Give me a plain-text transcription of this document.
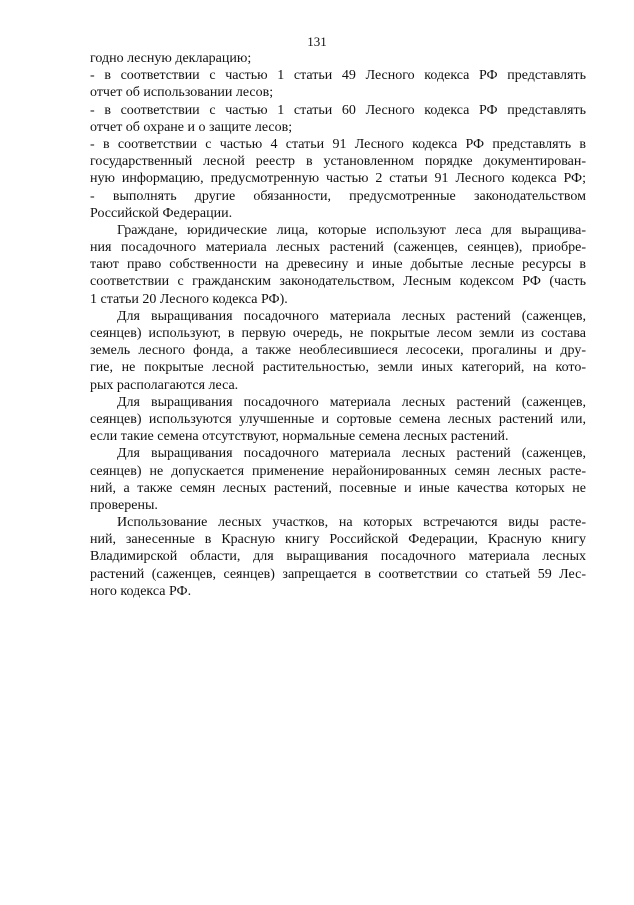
131
годно лесную декларацию;
- в соответствии с частью 1 статьи 49 Лесного кодекса РФ представлять
отчет об использовании лесов;
- в соответствии с частью 1 статьи 60 Лесного кодекса РФ представлять
отчет об охране и о защите лесов;
- в соответствии с частью 4 статьи 91 Лесного кодекса РФ представлять в
государственный лесной реестр в установленном порядке документирован-
ную информацию, предусмотренную частью 2 статьи 91 Лесного кодекса РФ;
- выполнять другие обязанности, предусмотренные законодательством
Российской Федерации.
Граждане, юридические лица, которые используют леса для выращива-
ния посадочного материала лесных растений (саженцев, сеянцев), приобре-
тают право собственности на древесину и иные добытые лесные ресурсы в
соответствии с гражданским законодательством, Лесным кодексом РФ (часть
1 статьи 20 Лесного кодекса РФ).
Для выращивания посадочного материала лесных растений (саженцев,
сеянцев) используют, в первую очередь, не покрытые лесом земли из состава
земель лесного фонда, а также необлесившиеся лесосеки, прогалины и дру-
гие, не покрытые лесной растительностью, земли иных категорий, на кото-
рых располагаются леса.
Для выращивания посадочного материала лесных растений (саженцев,
сеянцев) используются улучшенные и сортовые семена лесных растений или,
если такие семена отсутствуют, нормальные семена лесных растений.
Для выращивания посадочного материала лесных растений (саженцев,
сеянцев) не допускается применение нерайонированных семян лесных расте-
ний, а также семян лесных растений, посевные и иные качества которых не
проверены.
Использование лесных участков, на которых встречаются виды расте-
ний, занесенные в Красную книгу Российской Федерации, Красную книгу
Владимирской области, для выращивания посадочного материала лесных
растений (саженцев, сеянцев) запрещается в соответствии со статьей 59 Лес-
ного кодекса РФ.
